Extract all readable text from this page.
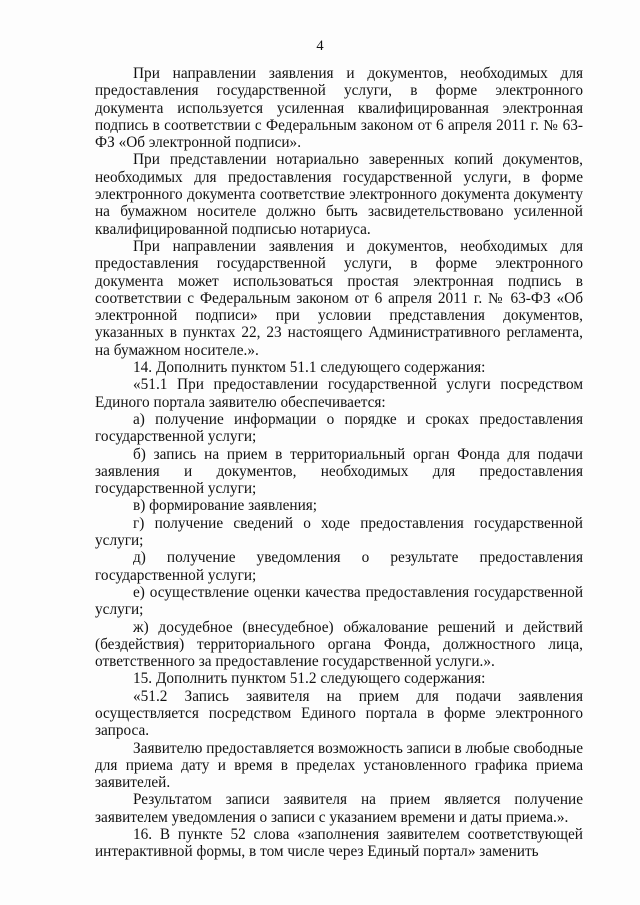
4

При направлении заявления и документов, необходимых для предоставления государственной услуги, в форме электронного документа используется усиленная квалифицированная электронная подпись в соответствии с Федеральным законом от 6 апреля 2011 г. № 63-ФЗ «Об электронной подписи».

При представлении нотариально заверенных копий документов, необходимых для предоставления государственной услуги, в форме электронного документа соответствие электронного документа документу на бумажном носителе должно быть засвидетельствовано усиленной квалифицированной подписью нотариуса.

При направлении заявления и документов, необходимых для предоставления государственной услуги, в форме электронного документа может использоваться простая электронная подпись в соответствии с Федеральным законом от 6 апреля 2011 г. № 63-ФЗ «Об электронной подписи» при условии представления документов, указанных в пунктах 22, 23 настоящего Административного регламента, на бумажном носителе.».

14. Дополнить пунктом 51.1 следующего содержания:

«51.1 При предоставлении государственной услуги посредством Единого портала заявителю обеспечивается:

а) получение информации о порядке и сроках предоставления государственной услуги;

б) запись на прием в территориальный орган Фонда для подачи заявления и документов, необходимых для предоставления государственной услуги;

в) формирование заявления;

г) получение сведений о ходе предоставления государственной услуги;

д) получение уведомления о результате предоставления государственной услуги;

е) осуществление оценки качества предоставления государственной услуги;

ж) досудебное (внесудебное) обжалование решений и действий (бездействия) территориального органа Фонда, должностного лица, ответственного за предоставление государственной услуги.».

15. Дополнить пунктом 51.2 следующего содержания:

«51.2 Запись заявителя на прием для подачи заявления осуществляется посредством Единого портала в форме электронного запроса.

Заявителю предоставляется возможность записи в любые свободные для приема дату и время в пределах установленного графика приема заявителей.

Результатом записи заявителя на прием является получение заявителем уведомления о записи с указанием времени и даты приема.».

16. В пункте 52 слова «заполнения заявителем соответствующей интерактивной формы, в том числе через Единый портал» заменить
